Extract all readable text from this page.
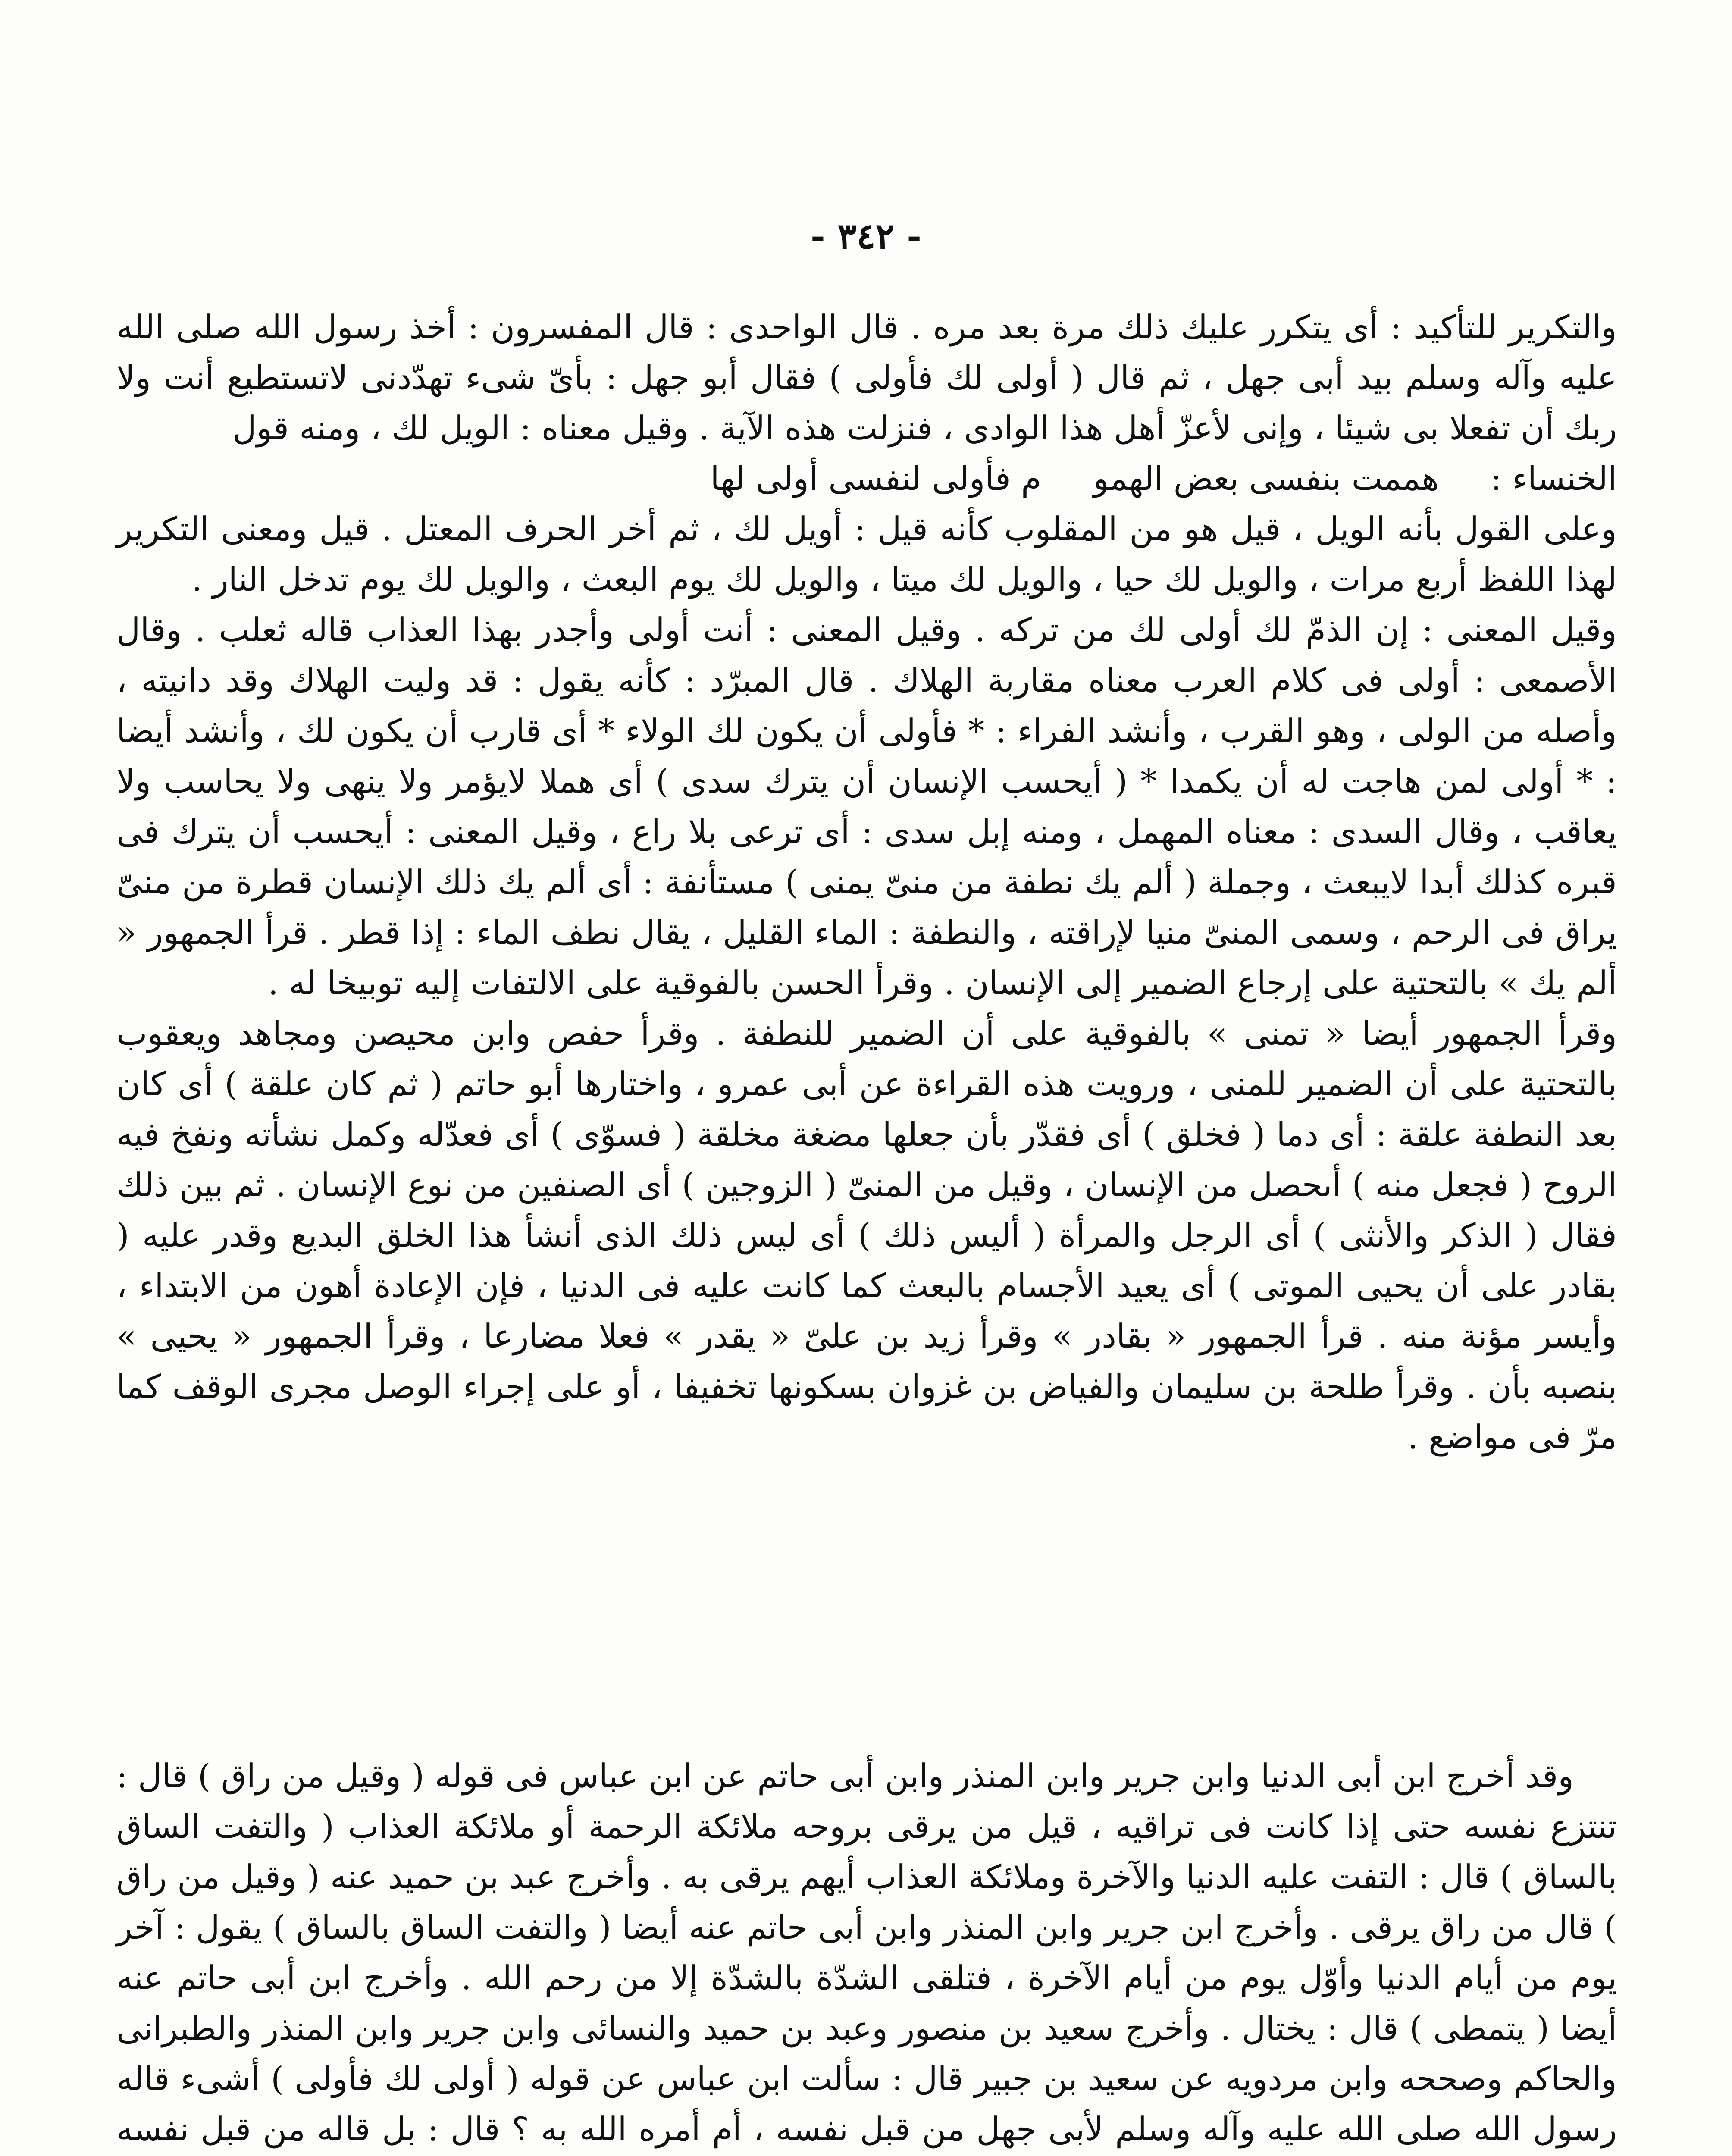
- ٣٤٢ -

والتكرير للتأكيد : أى يتكرر عليك ذلك مرة بعد مره . قال الواحدى : قال المفسرون : أخذ رسول الله صلى الله عليه وآله وسلم بيد أبى جهل ، ثم قال ( أولى لك فأولى ) فقال أبو جهل : بأىّ شىء تهدّدنى لاتستطيع أنت ولا ربك أن تفعلا بى شيئا ، وإنى لأعزّ أهل هذا الوادى ، فنزلت هذه الآية . وقيل معناه : الويل لك ، ومنه قول

الخنساء :
هممت بنفسى بعض الهمو
م فأولى لنفسى أولى لها

وعلى القول بأنه الويل ، قيل هو من المقلوب كأنه قيل : أويل لك ، ثم أخر الحرف المعتل . قيل ومعنى التكرير لهذا اللفظ أربع مرات ، والويل لك حيا ، والويل لك ميتا ، والويل لك يوم البعث ، والويل لك يوم تدخل النار .

وقيل المعنى : إن الذمّ لك أولى لك من تركه . وقيل المعنى : أنت أولى وأجدر بهذا العذاب قاله ثعلب . وقال الأصمعى : أولى فى كلام العرب معناه مقاربة الهلاك . قال المبرّد : كأنه يقول : قد وليت الهلاك وقد دانيته ، وأصله من الولى ، وهو القرب ، وأنشد الفراء : * فأولى أن يكون لك الولاء * أى قارب أن يكون لك ، وأنشد أيضا : * أولى لمن هاجت له أن يكمدا * ( أيحسب الإنسان أن يترك سدى ) أى هملا لايؤمر ولا ينهى ولا يحاسب ولا يعاقب ، وقال السدى : معناه المهمل ، ومنه إبل سدى : أى ترعى بلا راع ، وقيل المعنى : أيحسب أن يترك فى قبره كذلك أبدا لايبعث ، وجملة ( ألم يك نطفة من منىّ يمنى ) مستأنفة : أى ألم يك ذلك الإنسان قطرة من منىّ يراق فى الرحم ، وسمى المنىّ منيا لإراقته ، والنطفة : الماء القليل ، يقال نطف الماء : إذا قطر . قرأ الجمهور « ألم يك » بالتحتية على إرجاع الضمير إلى الإنسان . وقرأ الحسن بالفوقية على الالتفات إليه توبيخا له .

وقرأ الجمهور أيضا « تمنى » بالفوقية على أن الضمير للنطفة . وقرأ حفص وابن محيصن ومجاهد ويعقوب بالتحتية على أن الضمير للمنى ، ورويت هذه القراءة عن أبى عمرو ، واختارها أبو حاتم ( ثم كان علقة ) أى كان بعد النطفة علقة : أى دما ( فخلق ) أى فقدّر بأن جعلها مضغة مخلقة ( فسوّى ) أى فعدّله وكمل نشأته ونفخ فيه الروح ( فجعل منه ) أىحصل من الإنسان ، وقيل من المنىّ ( الزوجين ) أى الصنفين من نوع الإنسان . ثم بين ذلك فقال ( الذكر والأنثى ) أى الرجل والمرأة ( أليس ذلك ) أى ليس ذلك الذى أنشأ هذا الخلق البديع وقدر عليه ( بقادر على أن يحيى الموتى ) أى يعيد الأجسام بالبعث كما كانت عليه فى الدنيا ، فإن الإعادة أهون من الابتداء ، وأيسر مؤنة منه . قرأ الجمهور « بقادر » وقرأ زيد بن علىّ « يقدر » فعلا مضارعا ، وقرأ الجمهور « يحيى » بنصبه بأن . وقرأ طلحة بن سليمان والفياض بن غزوان بسكونها تخفيفا ، أو على إجراء الوصل مجرى الوقف كما مرّ فى مواضع .

وقد أخرج ابن أبى الدنيا وابن جرير وابن المنذر وابن أبى حاتم عن ابن عباس فى قوله ( وقيل من راق ) قال : تنتزع نفسه حتى إذا كانت فى تراقيه ، قيل من يرقى بروحه ملائكة الرحمة أو ملائكة العذاب ( والتفت الساق بالساق ) قال : التفت عليه الدنيا والآخرة وملائكة العذاب أيهم يرقى به . وأخرج عبد بن حميد عنه ( وقيل من راق ) قال من راق يرقى . وأخرج ابن جرير وابن المنذر وابن أبى حاتم عنه أيضا ( والتفت الساق بالساق ) يقول : آخر يوم من أيام الدنيا وأوّل يوم من أيام الآخرة ، فتلقى الشدّة بالشدّة إلا من رحم الله . وأخرج ابن أبى حاتم عنه أيضا ( يتمطى ) قال : يختال . وأخرج سعيد بن منصور وعبد بن حميد والنسائى وابن جرير وابن المنذر والطبرانى والحاكم وصححه وابن مردويه عن سعيد بن جبير قال : سألت ابن عباس عن قوله ( أولى لك فأولى ) أشىء قاله رسول الله صلى الله عليه وآله وسلم لأبى جهل من قبل نفسه ، أم أمره الله به ؟ قال : بل قاله من قبل نفسه
